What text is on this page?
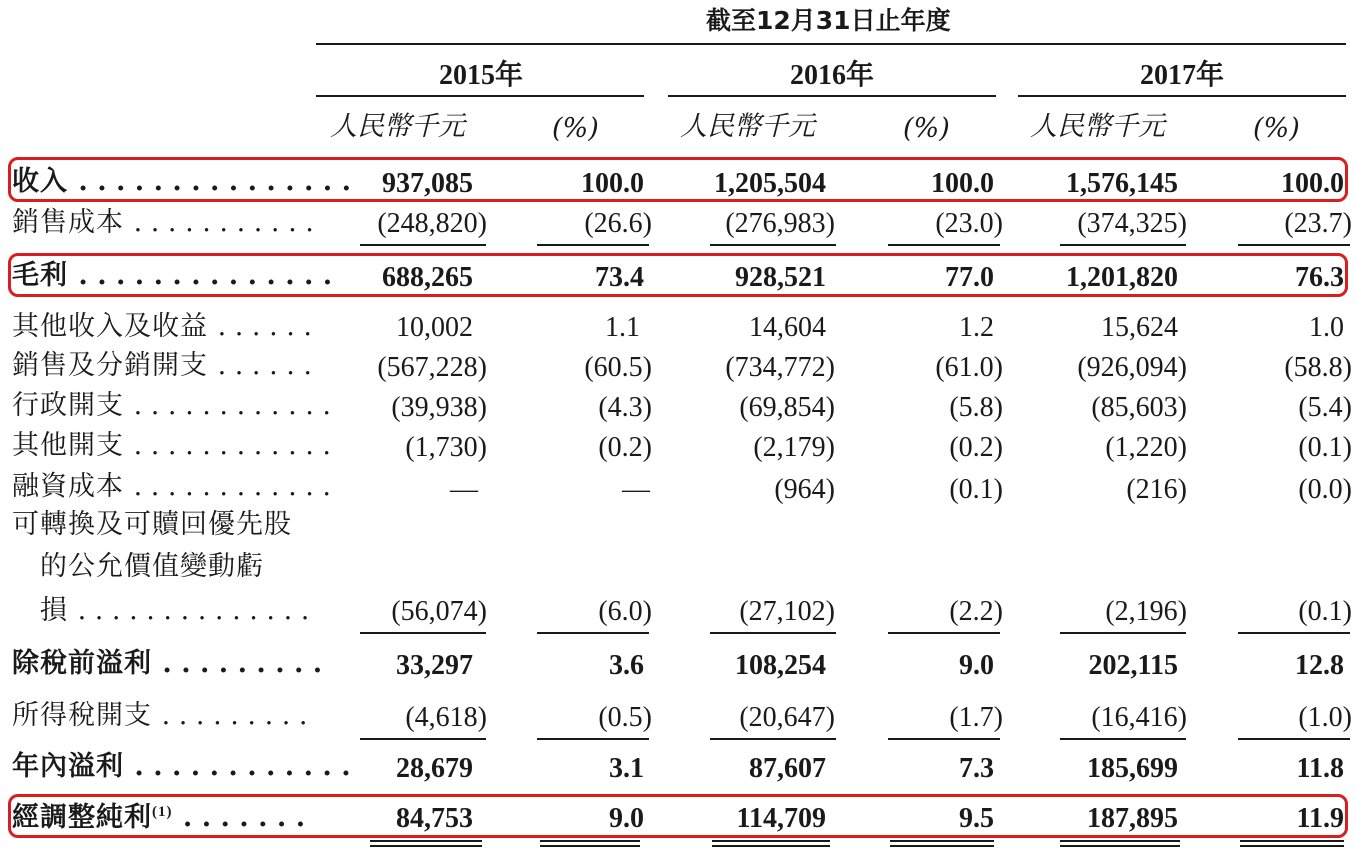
截至12月31日止年度
2015年	2016年	2017年
人民幣千元	(%)	人民幣千元	(%)	人民幣千元	(%)
收入 . . . . . . . . . . . . . . . 937,085	100.0	1,205,504	100.0	1,576,145	100.0
銷售成本 . . . . . . . . . . . (248,820)	(26.6)	(276,983)	(23.0)	(374,325)	(23.7)
毛利 . . . . . . . . . . . . . . 688,265	73.4	928,521	77.0	1,201,820	76.3
其他收入及收益 . . . . . .	10,002	1.1	14,604	1.2	15,624	1.0
銷售及分銷開支 . . . . . . (567,228)	(60.5)	(734,772)	(61.0)	(926,094)	(58.8)
行政開支 . . . . . . . . . . . . (39,938)	(4.3)	(69,854)	(5.8)	(85,603)	(5.4)
其他開支 . . . . . . . . . . . .	(1,730)	(0.2)	(2,179)	(0.2)	(1,220)	(0.1)
融資成本 . . . . . . . . . . . .	—	—	(964)	(0.1)	(216)	(0.0)
可轉換及可贖回優先股
的公允價值變動虧
損 . . . . . . . . . . . . . .	(56,074)	(6.0)	(27,102)	(2.2)	(2,196)	(0.1)
除稅前溢利 . . . . . . . . .	33,297	3.6	108,254	9.0	202,115	12.8
所得稅開支 . . . . . . . . .	(4,618)	(0.5)	(20,647)	(1.7)	(16,416)	(1.0)
年內溢利 . . . . . . . . . . . . 28,679	3.1	87,607	7.3	185,699	11.8
經調整純利$^{(1)}$ . . . . . . .	84,753	9.0	114,709	9.5	187,895	11.9
